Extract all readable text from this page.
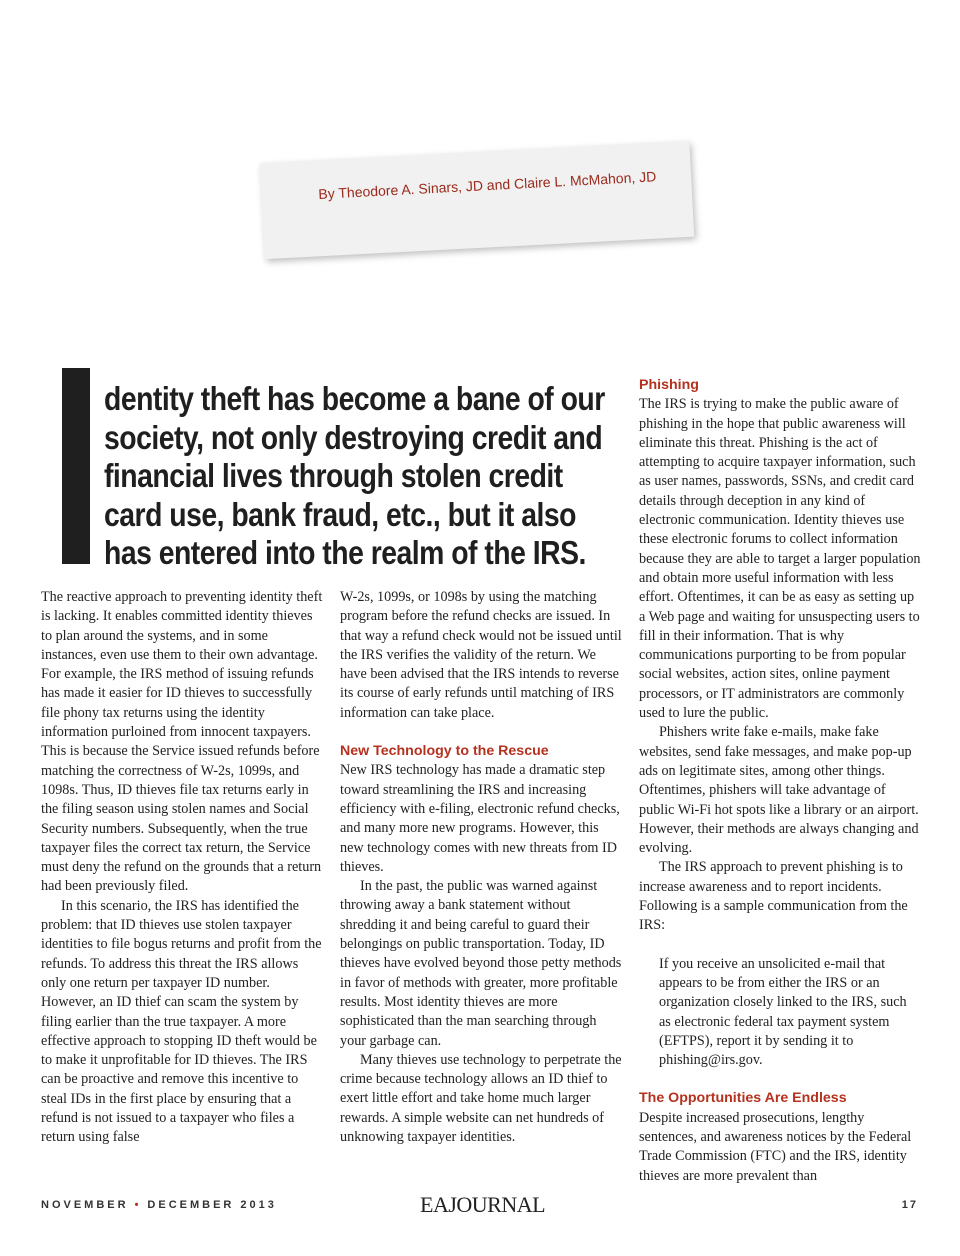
By Theodore A. Sinars, JD and Claire L. McMahon, JD
dentity theft has become a bane of our
society, not only destroying credit and
financial lives through stolen credit
card use, bank fraud, etc., but it also
has entered into the realm of the IRS.

The reactive approach to preventing identity theft is lacking. It enables committed identity thieves to plan around the systems, and in some instances, even use them to their own advantage. For example, the IRS method of issuing refunds has made it easier for ID thieves to successfully file phony tax returns using the identity information purloined from innocent taxpayers. This is because the Service issued refunds before matching the correctness of W-2s, 1099s, and 1098s. Thus, ID thieves file tax returns early in the filing season using stolen names and Social Security numbers. Subsequently, when the true taxpayer files the correct tax return, the Service must deny the refund on the grounds that a return had been previously filed.

In this scenario, the IRS has identified the problem: that ID thieves use stolen taxpayer identities to file bogus returns and profit from the refunds. To address this threat the IRS allows only one return per taxpayer ID number. However, an ID thief can scam the system by filing earlier than the true taxpayer. A more effective approach to stopping ID theft would be to make it unprofitable for ID thieves. The IRS can be proactive and remove this incentive to steal IDs in the first place by ensuring that a refund is not issued to a taxpayer who files a return using false

W-2s, 1099s, or 1098s by using the matching program before the refund checks are issued. In that way a refund check would not be issued until the IRS verifies the validity of the return. We have been advised that the IRS intends to reverse its course of early refunds until matching of IRS information can take place.

New Technology to the Rescue

New IRS technology has made a dramatic step toward streamlining the IRS and increasing efficiency with e-filing, electronic refund checks, and many more new programs. However, this new technology comes with new threats from ID thieves.

In the past, the public was warned against throwing away a bank statement without shredding it and being careful to guard their belongings on public transportation. Today, ID thieves have evolved beyond those petty methods in favor of methods with greater, more profitable results. Most identity thieves are more sophisticated than the man searching through your garbage can.

Many thieves use technology to perpetrate the crime because technology allows an ID thief to exert little effort and take home much larger rewards. A simple website can net hundreds of unknowing taxpayer identities.

Phishing

The IRS is trying to make the public aware of phishing in the hope that public awareness will eliminate this threat. Phishing is the act of attempting to acquire taxpayer information, such as user names, passwords, SSNs, and credit card details through deception in any kind of electronic communication. Identity thieves use these electronic forums to collect information because they are able to target a larger population and obtain more useful information with less effort. Oftentimes, it can be as easy as setting up a Web page and waiting for unsuspecting users to fill in their information. That is why communications purporting to be from popular social websites, action sites, online payment processors, or IT administrators are commonly used to lure the public.

Phishers write fake e-mails, make fake websites, send fake messages, and make pop-up ads on legitimate sites, among other things. Oftentimes, phishers will take advantage of public Wi-Fi hot spots like a library or an airport. However, their methods are always changing and evolving.

The IRS approach to prevent phishing is to increase awareness and to report incidents. Following is a sample communication from the IRS:

If you receive an unsolicited e-mail that appears to be from either the IRS or an organization closely linked to the IRS, such as electronic federal tax payment system (EFTPS), report it by sending it to phishing@irs.gov.

The Opportunities Are Endless

Despite increased prosecutions, lengthy sentences, and awareness notices by the Federal Trade Commission (FTC) and the IRS, identity thieves are more prevalent than

NOVEMBER • DECEMBER 2013	EAJOURNAL	17
